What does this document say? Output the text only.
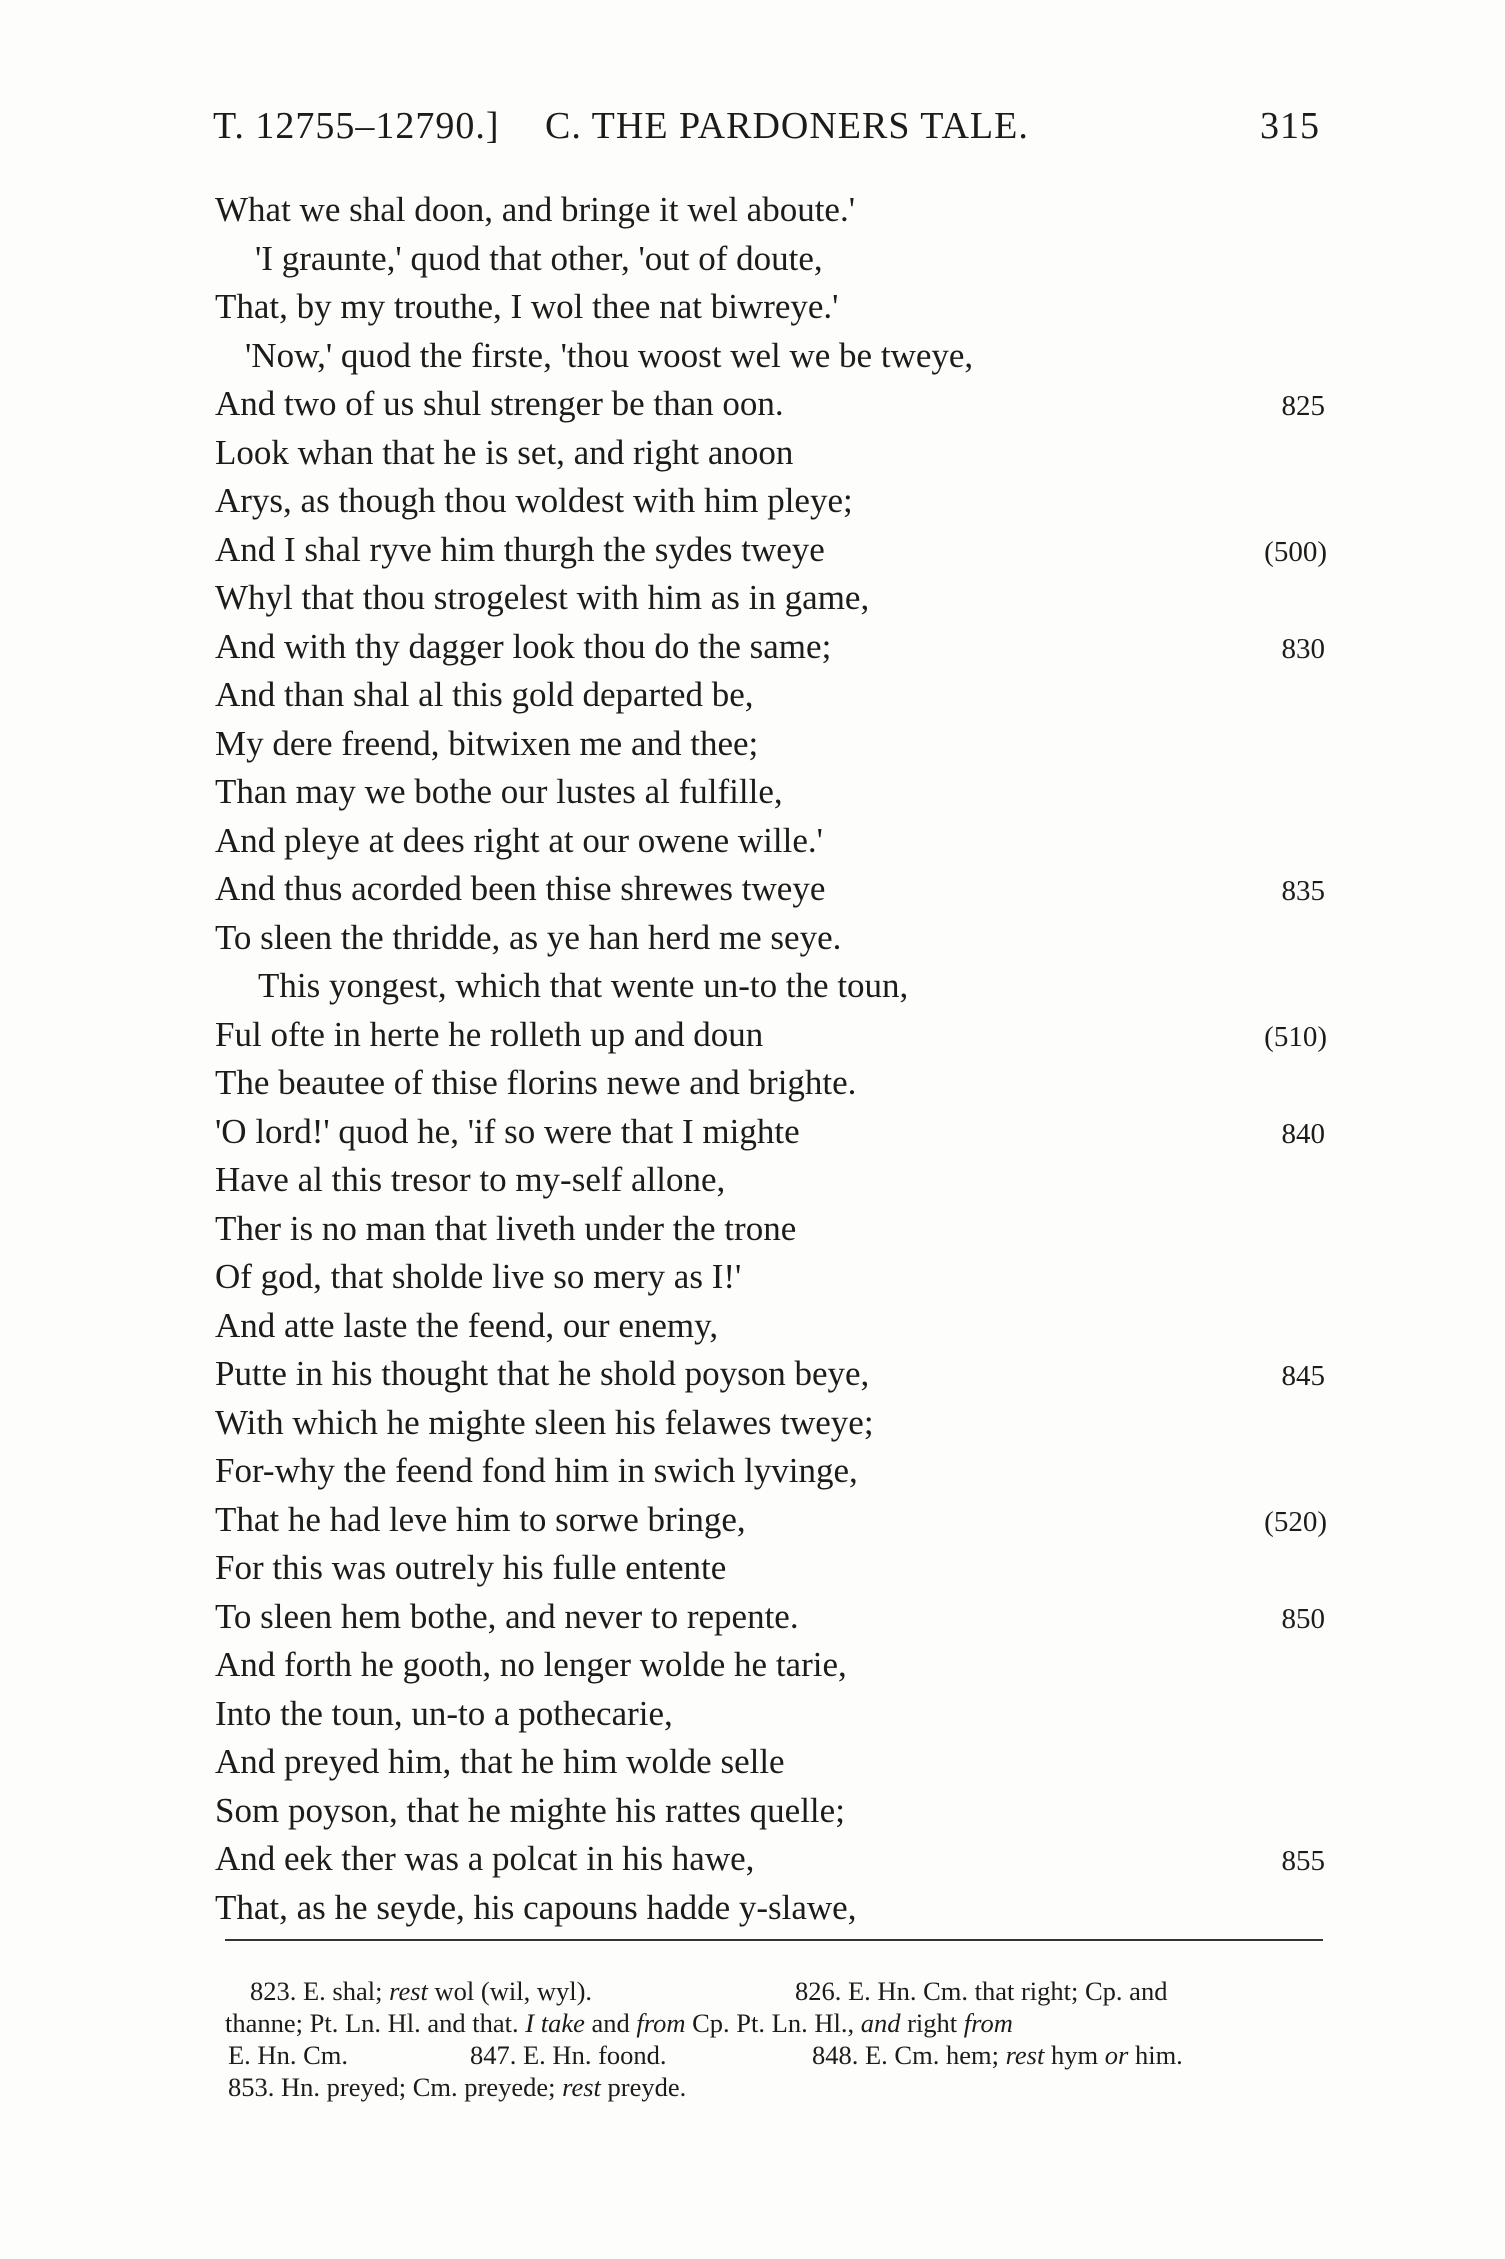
T. 12755–12790.] C. THE PARDONERS TALE.	315
What we shal doon, and bringe it wel aboute.'
'I graunte,' quod that other, 'out of doute,
That, by my trouthe, I wol thee nat biwreye.'
'Now,' quod the firste, 'thou woost wel we be tweye,
And two of us shul strenger be than oon.	825
Look whan that he is set, and right anoon
Arys, as though thou woldest with him pleye;
And I shal ryve him thurgh the sydes tweye	(500)
Whyl that thou strogelest with him as in game,
And with thy dagger look thou do the same;	830
And than shal al this gold departed be,
My dere freend, bitwixen me and thee;
Than may we bothe our lustes al fulfille,
And pleye at dees right at our owene wille.'
And thus acorded been thise shrewes tweye	835
To sleen the thridde, as ye han herd me seye.
This yongest, which that wente un-to the toun,
Ful ofte in herte he rolleth up and doun	(510)
The beautee of thise florins newe and brighte.
'O lord!' quod he, 'if so were that I mighte	840
Have al this tresor to my-self allone,
Ther is no man that liveth under the trone
Of god, that sholde live so mery as I!'
And atte laste the feend, our enemy,
Putte in his thought that he shold poyson beye,	845
With which he mighte sleen his felawes tweye;
For-why the feend fond him in swich lyvinge,
That he had leve him to sorwe bringe,	(520)
For this was outrely his fulle entente
To sleen hem bothe, and never to repente.	850
And forth he gooth, no lenger wolde he tarie,
Into the toun, un-to a pothecarie,
And preyed him, that he him wolde selle
Som poyson, that he mighte his rattes quelle;
And eek ther was a polcat in his hawe,	855
That, as he seyde, his capouns hadde y-slawe,
823. E. shal; rest wol (wil, wyl).	826. E. Hn. Cm. that right; Cp. and
thanne; Pt. Ln. Hl. and that. I take and from Cp. Pt. Ln. Hl., and right from
E. Hn. Cm.	847. E. Hn. foond.	848. E. Cm. hem; rest hym or him.
853. Hn. preyed; Cm. preyede; rest preyde.
